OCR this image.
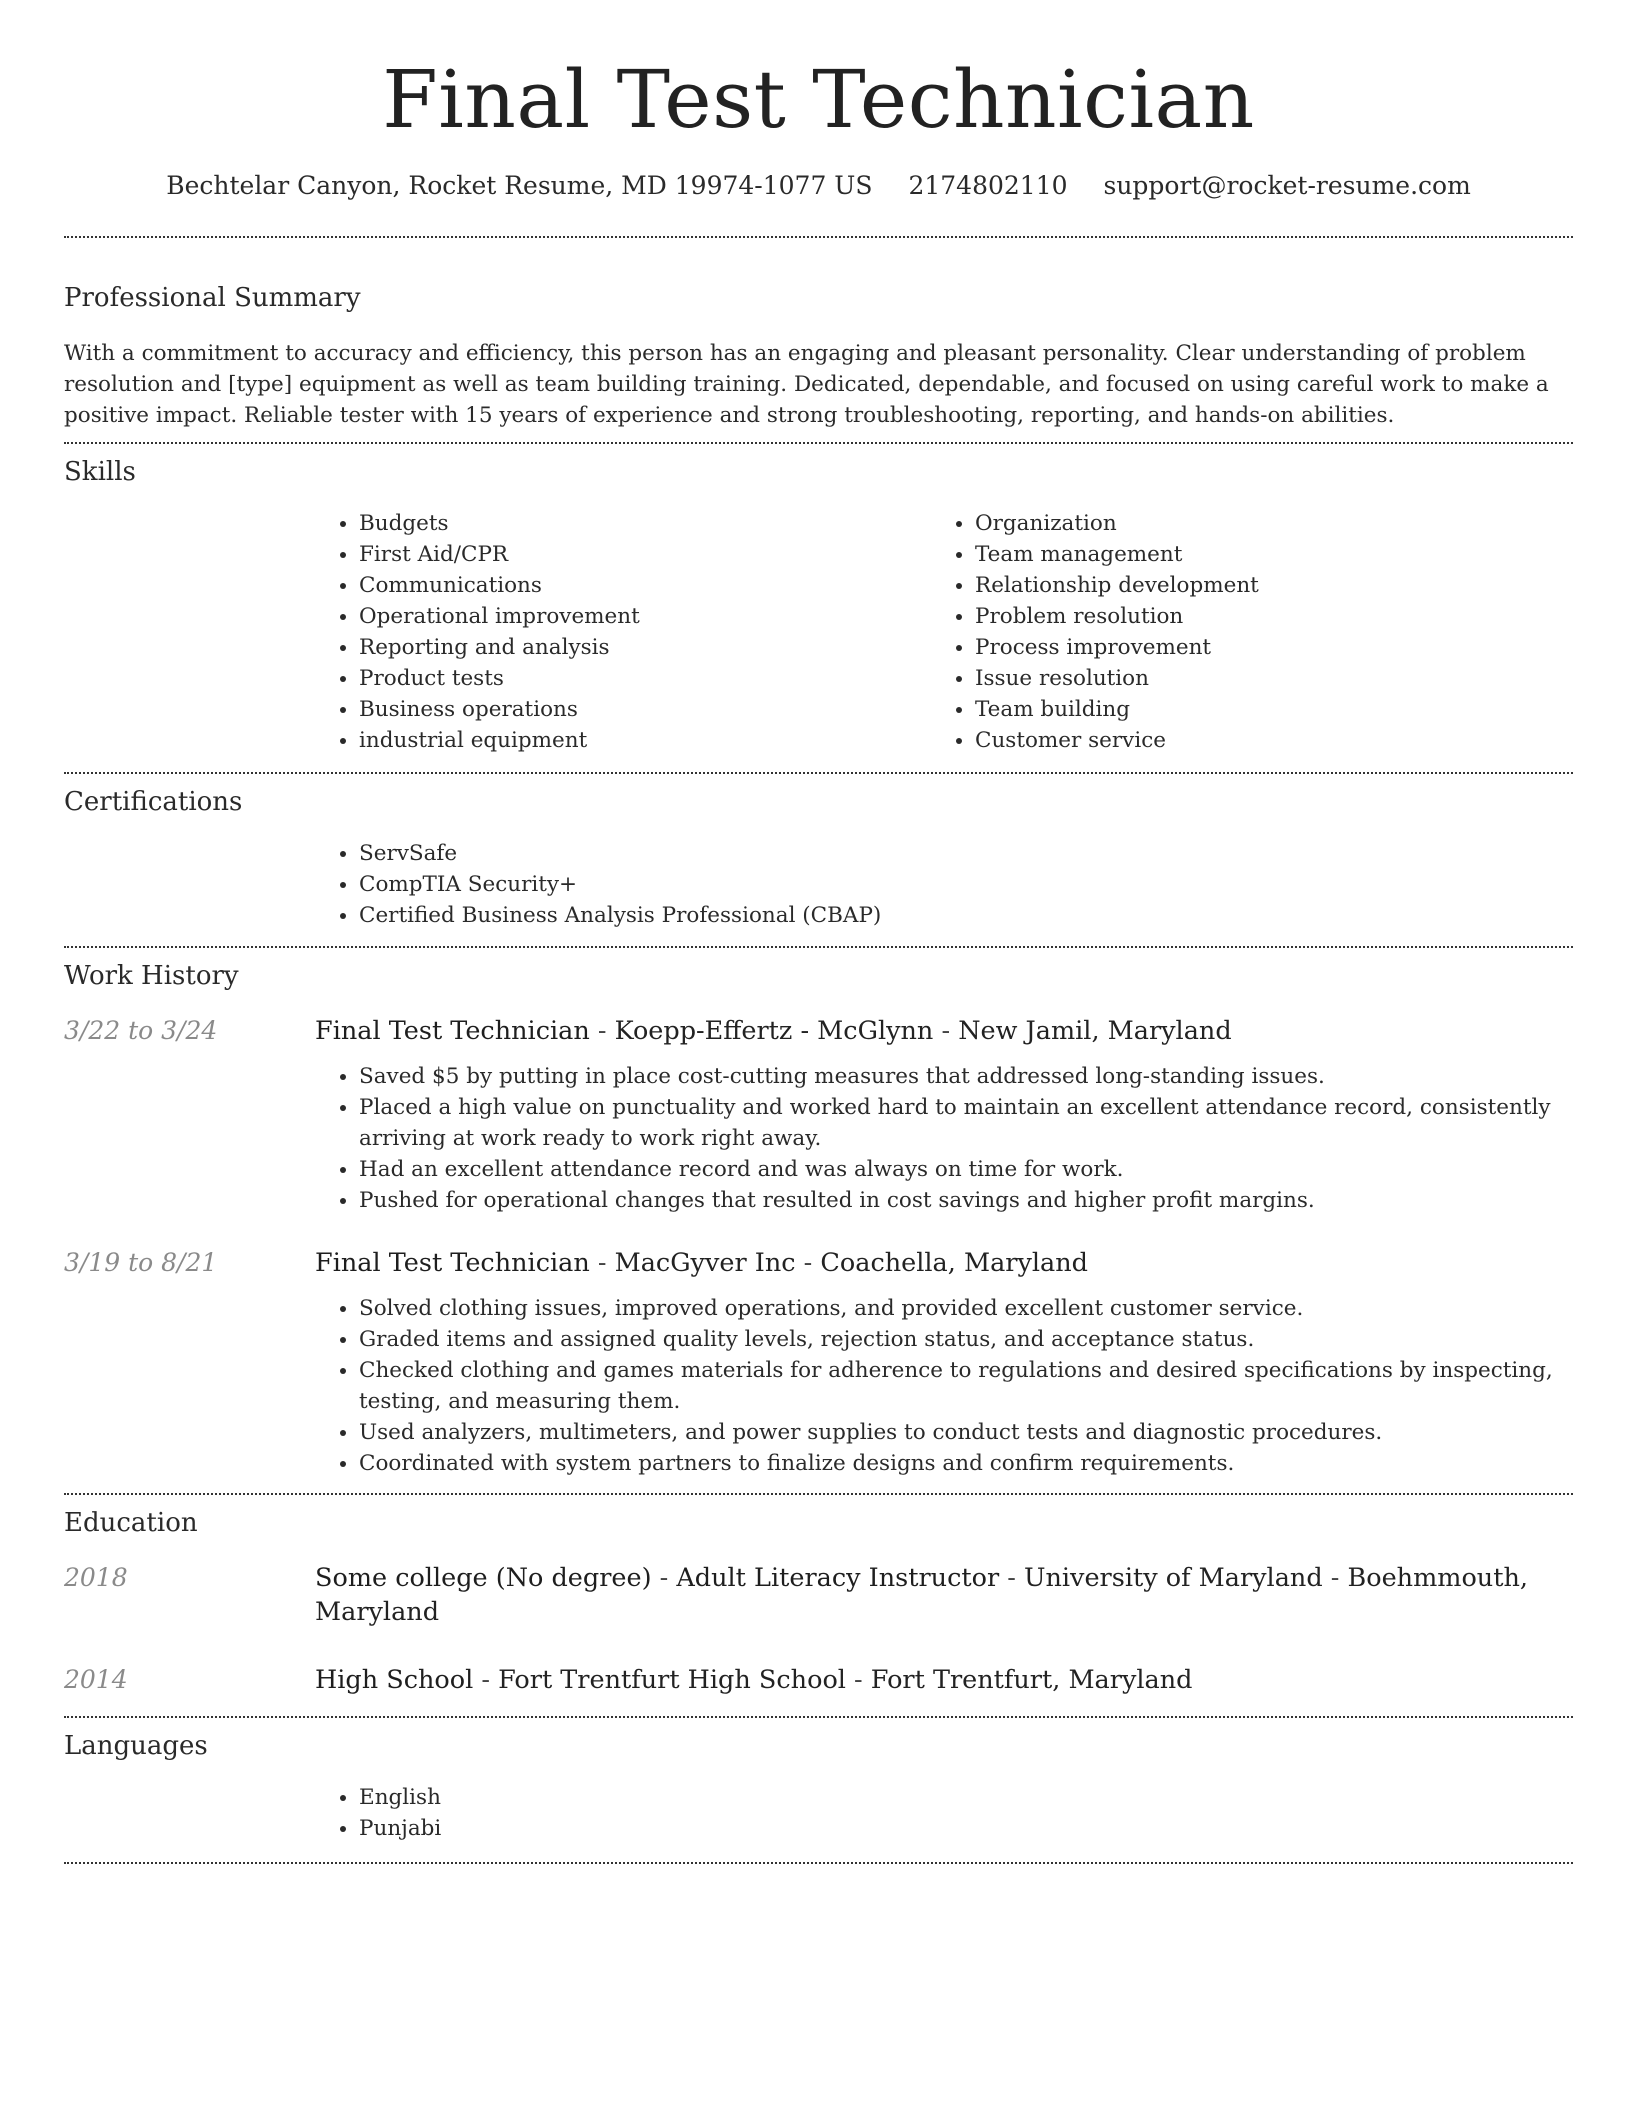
Final Test Technician
Bechtelar Canyon, Rocket Resume, MD 19974-1077 US 2174802110 support@rocket-resume.com
Professional Summary

With a commitment to accuracy and efficiency, this person has an engaging and pleasant personality. Clear understanding of problem resolution and [type] equipment as well as team building training. Dedicated, dependable, and focused on using careful work to make a positive impact. Reliable tester with 15 years of experience and strong troubleshooting, reporting, and hands-on abilities.

Skills
• Budgets
• First Aid/CPR
• Communications
• Operational improvement
• Reporting and analysis
• Product tests
• Business operations
• industrial equipment
• Organization
• Team management
• Relationship development
• Problem resolution
• Process improvement
• Issue resolution
• Team building
• Customer service
Certifications
• ServSafe
• CompTIA Security+
• Certified Business Analysis Professional (CBAP)
Work History
3/22 to 3/24	Final Test Technician - Koepp-Effertz - McGlynn - New Jamil, Maryland
• Saved $5 by putting in place cost-cutting measures that addressed long-standing issues.
• Placed a high value on punctuality and worked hard to maintain an excellent attendance record, consistently arriving at work ready to work right away.
• Had an excellent attendance record and was always on time for work.
• Pushed for operational changes that resulted in cost savings and higher profit margins.
3/19 to 8/21	Final Test Technician - MacGyver Inc - Coachella, Maryland
• Solved clothing issues, improved operations, and provided excellent customer service.
• Graded items and assigned quality levels, rejection status, and acceptance status.
• Checked clothing and games materials for adherence to regulations and desired specifications by inspecting, testing, and measuring them.
• Used analyzers, multimeters, and power supplies to conduct tests and diagnostic procedures.
• Coordinated with system partners to finalize designs and confirm requirements.
Education
2018	Some college (No degree) - Adult Literacy Instructor - University of Maryland - Boehmmouth, Maryland
2014	High School - Fort Trentfurt High School - Fort Trentfurt, Maryland
Languages
• English
• Punjabi
